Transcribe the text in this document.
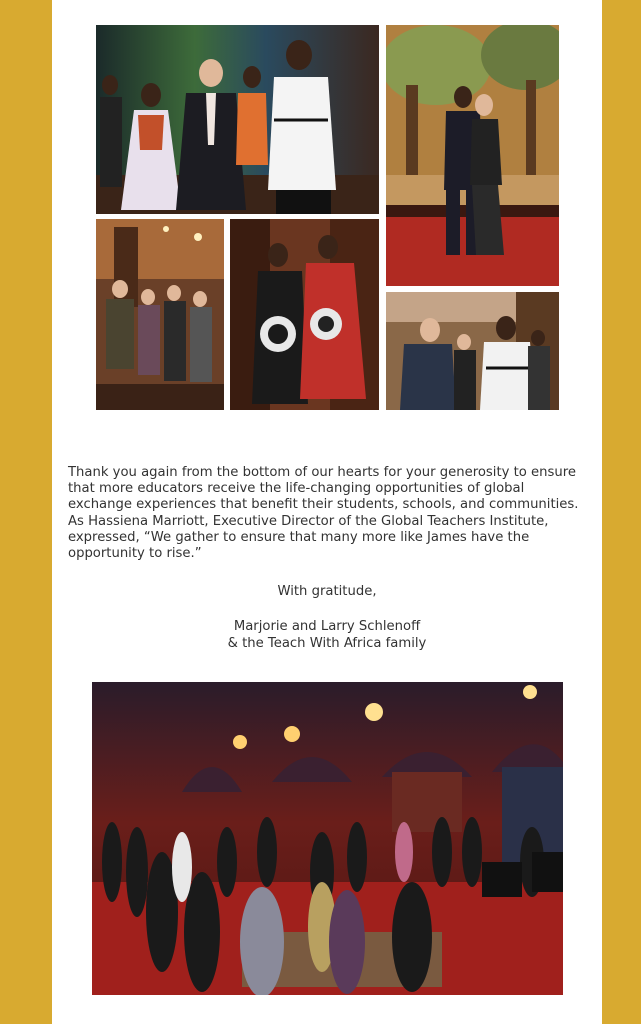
Thank you again from the bottom of our hearts for your generosity to ensure that more educators receive the life-changing opportunities of global exchange experiences that benefit their students, schools, and communities. As Hassiena Marriott, Executive Director of the Global Teachers Institute, expressed, “We gather to ensure that many more like James have the opportunity to rise.”
With gratitude,
Marjorie and Larry Schlenoff
& the Teach With Africa family
